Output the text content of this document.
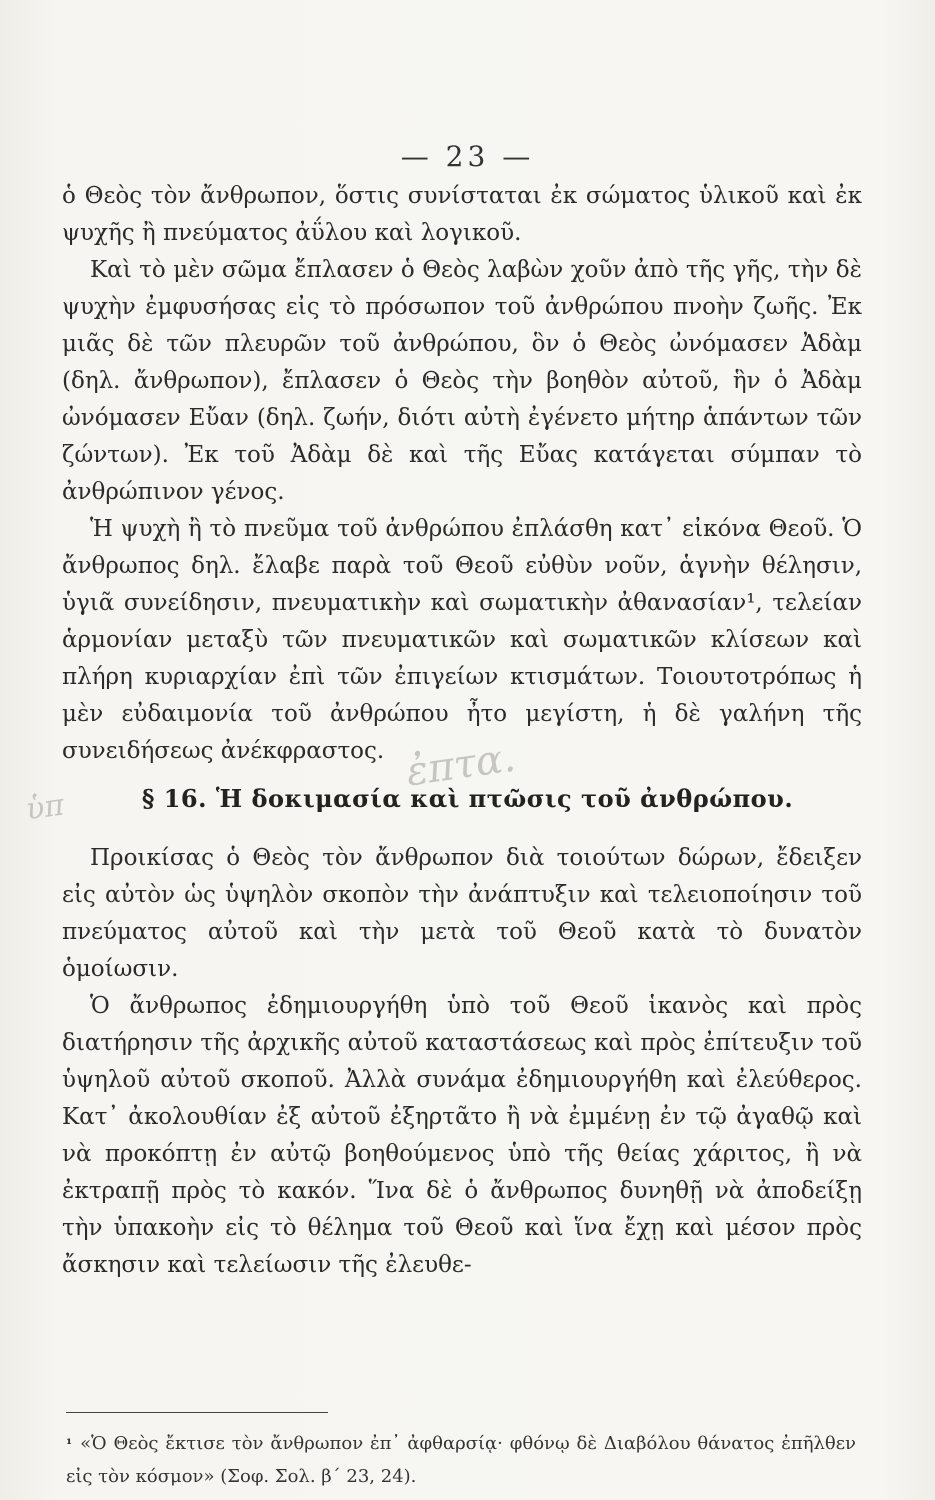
— 23 —

ὁ Θεὸς τὸν ἄνθρωπον, ὅστις συνίσταται ἐκ σώματος ὑλικοῦ καὶ ἐκ ψυχῆς ἢ πνεύματος ἀΰλου καὶ λογικοῦ.

Καὶ τὸ μὲν σῶμα ἔπλασεν ὁ Θεὸς λαβὼν χοῦν ἀπὸ τῆς γῆς, τὴν δὲ ψυχὴν ἐμφυσήσας εἰς τὸ πρόσωπον τοῦ ἀνθρώπου πνοὴν ζωῆς. Ἐκ μιᾶς δὲ τῶν πλευρῶν τοῦ ἀνθρώπου, ὃν ὁ Θεὸς ὠνόμασεν Ἀδὰμ (δηλ. ἄνθρωπον), ἔπλασεν ὁ Θεὸς τὴν βοηθὸν αὐτοῦ, ἣν ὁ Ἀδὰμ ὠνόμασεν Εὔαν (δηλ. ζωήν, διότι αὐτὴ ἐγένετο μήτηρ ἁπάντων τῶν ζώντων). Ἐκ τοῦ Ἀδὰμ δὲ καὶ τῆς Εὔας κατάγεται σύμπαν τὸ ἀνθρώπινον γένος.

Ἡ ψυχὴ ἢ τὸ πνεῦμα τοῦ ἀνθρώπου ἐπλάσθη κατ᾽ εἰκόνα Θεοῦ. Ὁ ἄνθρωπος δηλ. ἔλαβε παρὰ τοῦ Θεοῦ εὐθὺν νοῦν, ἁγνὴν θέλησιν, ὑγιᾶ συνείδησιν, πνευματικὴν καὶ σωματικὴν ἀθανασίαν¹, τελείαν ἁρμονίαν μεταξὺ τῶν πνευματικῶν καὶ σωματικῶν κλίσεων καὶ πλήρη κυριαρχίαν ἐπὶ τῶν ἐπιγείων κτισμάτων. Τοιουτοτρόπως ἡ μὲν εὐδαιμονία τοῦ ἀνθρώπου ἦτο μεγίστη, ἡ δὲ γαλήνη τῆς συνειδήσεως ἀνέκφραστος. ἐπτα.
ὑπ	§ 16. Ἡ δοκιμασία καὶ πτῶσις τοῦ ἀνθρώπου.

Προικίσας ὁ Θεὸς τὸν ἄνθρωπον διὰ τοιούτων δώρων, ἔδειξεν εἰς αὐτὸν ὡς ὑψηλὸν σκοπὸν τὴν ἀνάπτυξιν καὶ τελειοποίησιν τοῦ πνεύματος αὐτοῦ καὶ τὴν μετὰ τοῦ Θεοῦ κατὰ τὸ δυνατὸν ὁμοίωσιν.

Ὁ ἄνθρωπος ἐδημιουργήθη ὑπὸ τοῦ Θεοῦ ἱκανὸς καὶ πρὸς διατήρησιν τῆς ἀρχικῆς αὐτοῦ καταστάσεως καὶ πρὸς ἐπίτευξιν τοῦ ὑψηλοῦ αὐτοῦ σκοποῦ. Ἀλλὰ συνάμα ἐδημιουργήθη καὶ ἐλεύθερος. Κατ᾽ ἀκολουθίαν ἐξ αὐτοῦ ἐξηρτᾶτο ἢ νὰ ἐμμένῃ ἐν τῷ ἀγαθῷ καὶ νὰ προκόπτῃ ἐν αὐτῷ βοηθούμενος ὑπὸ τῆς θείας χάριτος, ἢ νὰ ἐκτραπῇ πρὸς τὸ κακόν. Ἵνα δὲ ὁ ἄνθρωπος δυνηθῇ νὰ ἀποδείξῃ τὴν ὑπακοὴν εἰς τὸ θέλημα τοῦ Θεοῦ καὶ ἵνα ἔχῃ καὶ μέσον πρὸς ἄσκησιν καὶ τελείωσιν τῆς ἐλευθε-

¹ «Ὁ Θεὸς ἔκτισε τὸν ἄνθρωπον ἐπ᾽ ἀφθαρσίᾳ· φθόνῳ δὲ Διαβόλου θάνατος ἐπῆλθεν εἰς τὸν κόσμον» (Σοφ. Σολ. β΄ 23, 24).
